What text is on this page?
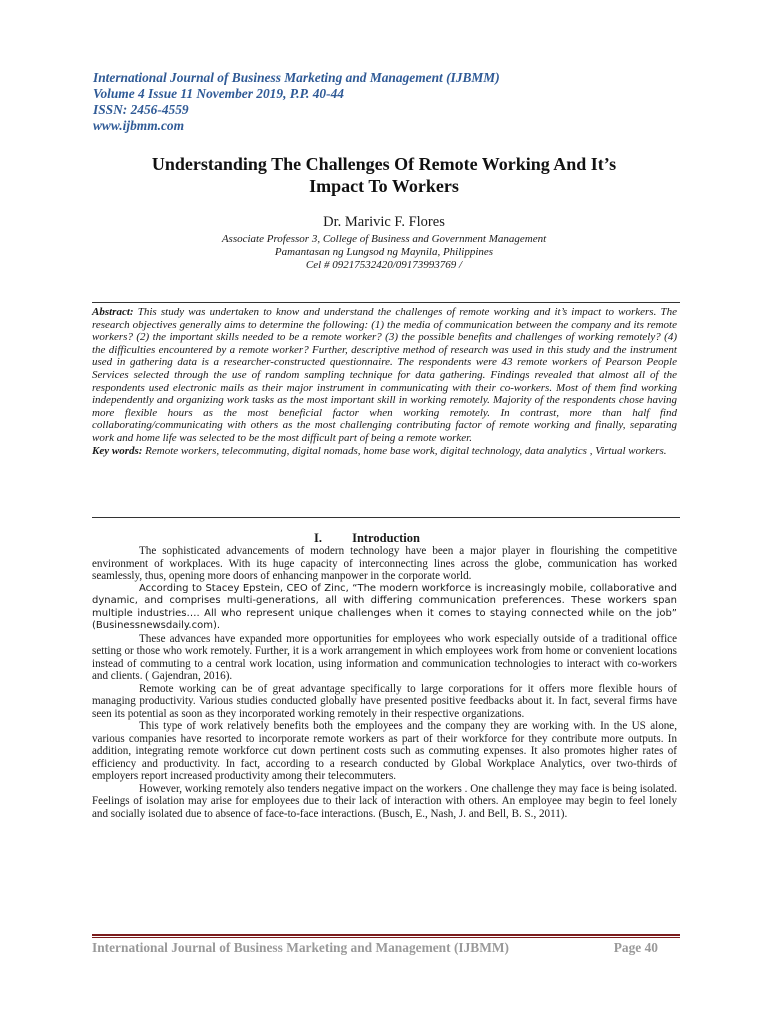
International Journal of Business Marketing and Management (IJBMM)
Volume 4 Issue 11 November 2019, P.P. 40-44
ISSN: 2456-4559
www.ijbmm.com
Understanding The Challenges Of Remote Working And It’s
Impact To Workers
Dr. Marivic F. Flores
Associate Professor 3, College of Business and Government Management
Pamantasan ng Lungsod ng Maynila, Philippines
Cel # 09217532420/09173993769 /
Abstract: This study was undertaken to know and understand the challenges of remote working and it’s impact to workers. The research objectives generally aims to determine the following: (1) the media of communication between the company and its remote workers? (2) the important skills needed to be a remote worker? (3) the possible benefits and challenges of working remotely? (4) the difficulties encountered by a remote worker? Further, descriptive method of research was used in this study and the instrument used in gathering data is a researcher-constructed questionnaire. The respondents were 43 remote workers of Pearson People Services selected through the use of random sampling technique for data gathering. Findings revealed that almost all of the respondents used electronic mails as their major instrument in communicating with their co-workers. Most of them find working independently and organizing work tasks as the most important skill in working remotely. Majority of the respondents chose having more flexible hours as the most beneficial factor when working remotely. In contrast, more than half find collaborating/communicating with others as the most challenging contributing factor of remote working and finally, separating work and home life was selected to be the most difficult part of being a remote worker.
Key words: Remote workers, telecommuting, digital nomads, home base work, digital technology, data analytics , Virtual workers.
I. Introduction

The sophisticated advancements of modern technology have been a major player in flourishing the competitive environment of workplaces. With its huge capacity of interconnecting lines across the globe, communication has worked seamlessly, thus, opening more doors of enhancing manpower in the corporate world.

According to Stacey Epstein, CEO of Zinc, “The modern workforce is increasingly mobile, collaborative and dynamic, and comprises multi-generations, all with differing communication preferences. These workers span multiple industries…. All who represent unique challenges when it comes to staying connected while on the job” (Businessnewsdaily.com).

These advances have expanded more opportunities for employees who work especially outside of a traditional office setting or those who work remotely. Further, it is a work arrangement in which employees work from home or convenient locations instead of commuting to a central work location, using information and communication technologies to interact with co-workers and clients. ( Gajendran, 2016).

Remote working can be of great advantage specifically to large corporations for it offers more flexible hours of managing productivity. Various studies conducted globally have presented positive feedbacks about it. In fact, several firms have seen its potential as soon as they incorporated working remotely in their respective organizations.

This type of work relatively benefits both the employees and the company they are working with. In the US alone, various companies have resorted to incorporate remote workers as part of their workforce for they contribute more outputs. In addition, integrating remote workforce cut down pertinent costs such as commuting expenses. It also promotes higher rates of efficiency and productivity. In fact, according to a research conducted by Global Workplace Analytics, over two-thirds of employers report increased productivity among their telecommuters.

However, working remotely also tenders negative impact on the workers . One challenge they may face is being isolated. Feelings of isolation may arise for employees due to their lack of interaction with others. An employee may begin to feel lonely and socially isolated due to absence of face-to-face interactions. (Busch, E., Nash, J. and Bell, B. S., 2011).

International Journal of Business Marketing and Management (IJBMM)	Page 40
